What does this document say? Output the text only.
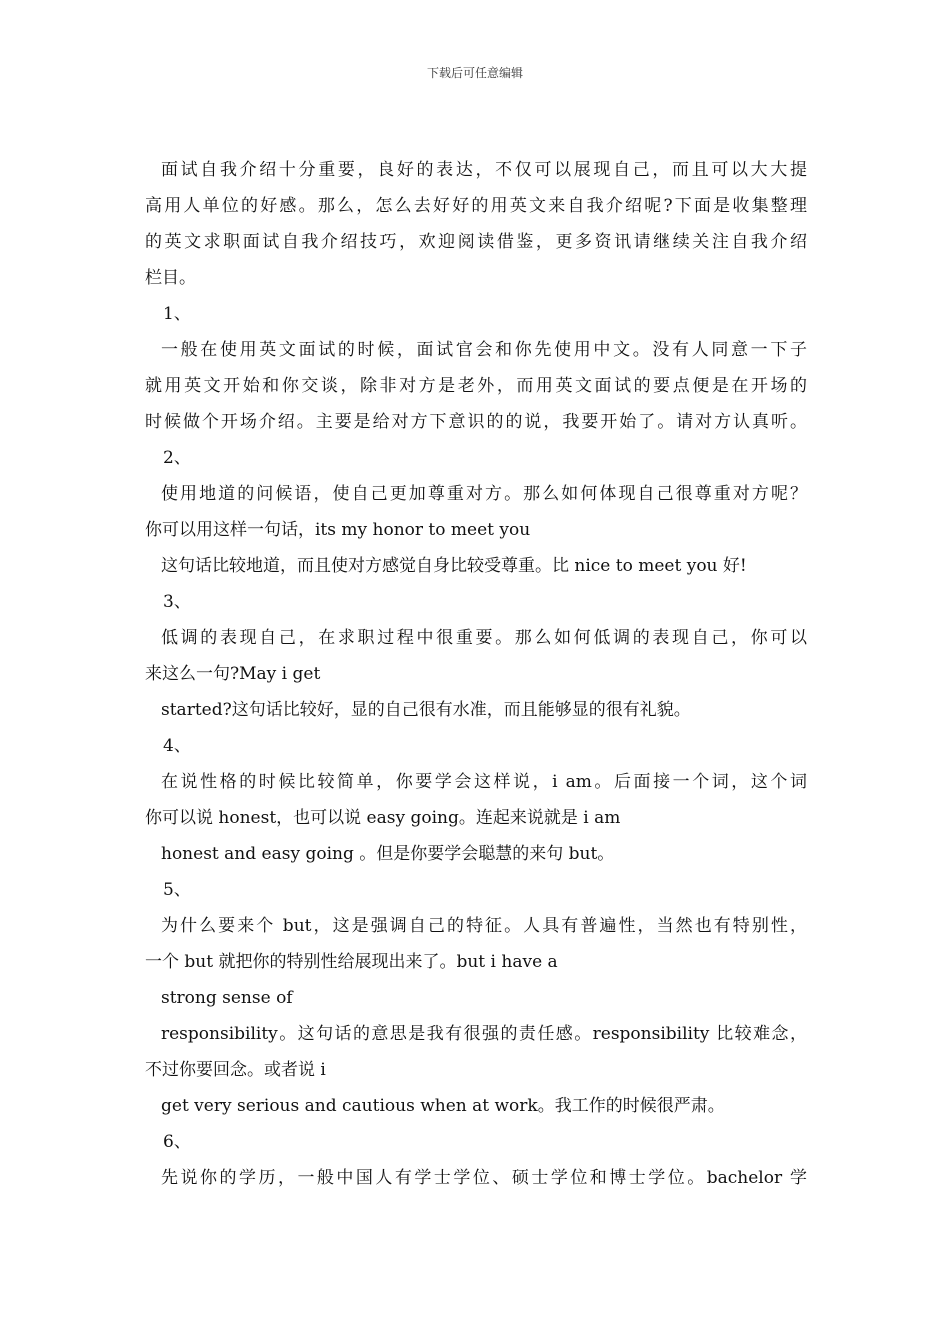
下载后可任意编辑
面试自我介绍十分重要，良好的表达，不仅可以展现自己，而且可以大大提
高用人单位的好感。那么，怎么去好好的用英文来自我介绍呢?下面是收集整理
的英文求职面试自我介绍技巧，欢迎阅读借鉴，更多资讯请继续关注自我介绍
栏目。
1、
一般在使用英文面试的时候，面试官会和你先使用中文。没有人同意一下子
就用英文开始和你交谈，除非对方是老外，而用英文面试的要点便是在开场的
时候做个开场介绍。主要是给对方下意识的的说，我要开始了。请对方认真听。
2、
使用地道的问候语，使自己更加尊重对方。那么如何体现自己很尊重对方呢？
你可以用这样一句话，its my honor to meet you
这句话比较地道，而且使对方感觉自身比较受尊重。比 nice to meet you 好!
3、
低调的表现自己，在求职过程中很重要。那么如何低调的表现自己，你可以
来这么一句?May i get
started?这句话比较好，显的自己很有水准，而且能够显的很有礼貌。
4、
在说性格的时候比较简单，你要学会这样说，i am。后面接一个词，这个词
你可以说 honest，也可以说 easy going。连起来说就是 i am
honest and easy going 。但是你要学会聪慧的来句 but。
5、
为什么要来个 but，这是强调自己的特征。人具有普遍性，当然也有特别性，
一个 but 就把你的特别性给展现出来了。but i have a
strong sense of
responsibility。这句话的意思是我有很强的责任感。responsibility 比较难念，
不过你要回念。或者说 i
get very serious and cautious when at work。我工作的时候很严肃。
6、
先说你的学历，一般中国人有学士学位、硕士学位和博士学位。bachelor 学
